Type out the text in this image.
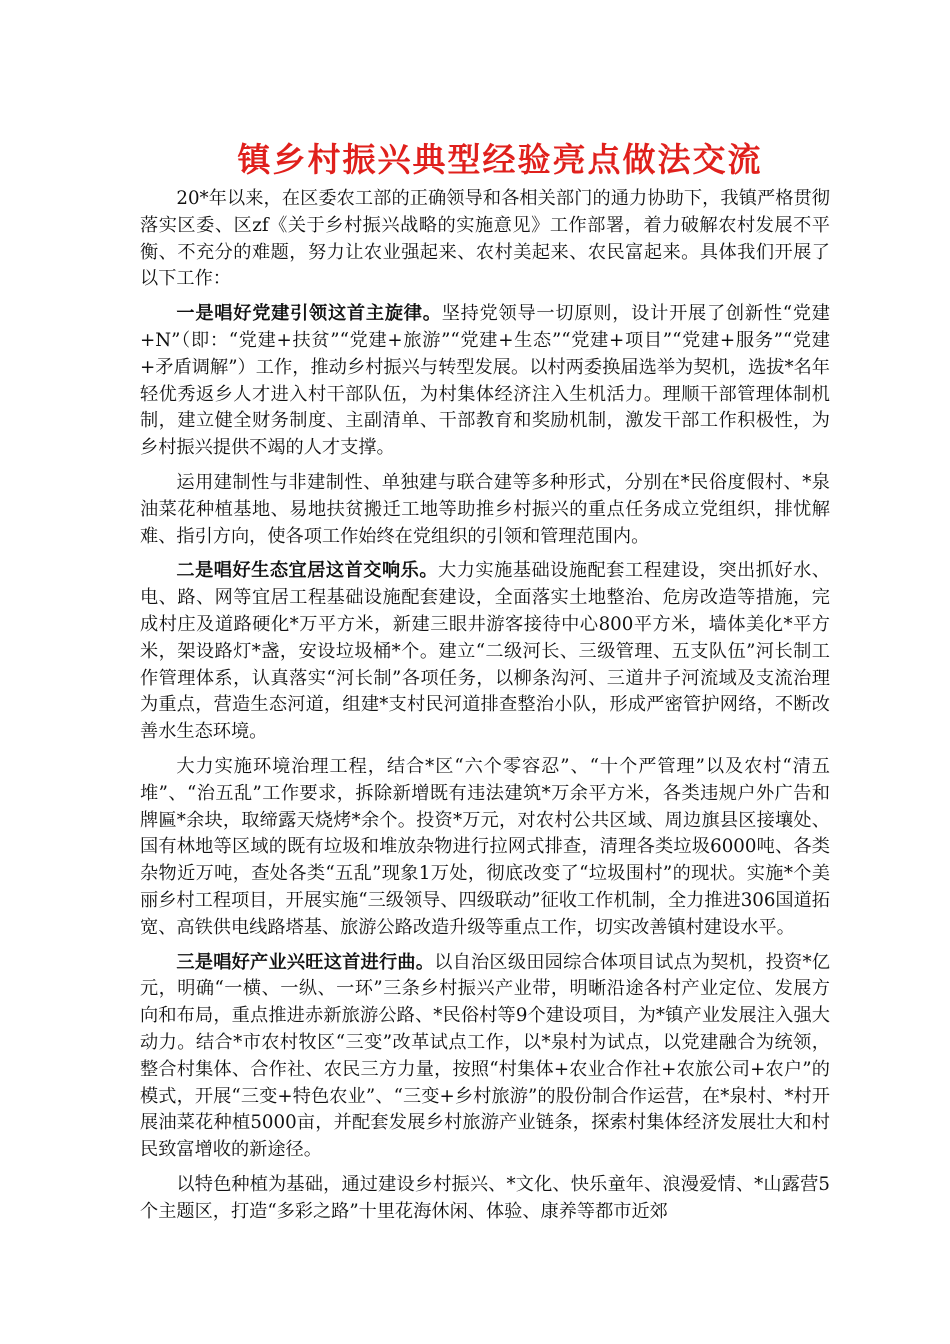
镇乡村振兴典型经验亮点做法交流

20*年以来，在区委农工部的正确领导和各相关部门的通力协助下，我镇严格贯彻落实区委、区zf《关于乡村振兴战略的实施意见》工作部署，着力破解农村发展不平衡、不充分的难题，努力让农业强起来、农村美起来、农民富起来。具体我们开展了以下工作：

一是唱好党建引领这首主旋律。坚持党领导一切原则，设计开展了创新性“党建+N”（即：“党建+扶贫”“党建+旅游”“党建+生态”“党建+项目”“党建+服务”“党建+矛盾调解”）工作，推动乡村振兴与转型发展。以村两委换届选举为契机，选拔*名年轻优秀返乡人才进入村干部队伍，为村集体经济注入生机活力。理顺干部管理体制机制，建立健全财务制度、主副清单、干部教育和奖励机制，激发干部工作积极性，为乡村振兴提供不竭的人才支撑。

运用建制性与非建制性、单独建与联合建等多种形式，分别在*民俗度假村、*泉油菜花种植基地、易地扶贫搬迁工地等助推乡村振兴的重点任务成立党组织，排忧解难、指引方向，使各项工作始终在党组织的引领和管理范围内。

二是唱好生态宜居这首交响乐。大力实施基础设施配套工程建设，突出抓好水、电、路、网等宜居工程基础设施配套建设，全面落实土地整治、危房改造等措施，完成村庄及道路硬化*万平方米，新建三眼井游客接待中心800平方米，墙体美化*平方米，架设路灯*盏，安设垃圾桶*个。建立“二级河长、三级管理、五支队伍”河长制工作管理体系，认真落实“河长制”各项任务，以柳条沟河、三道井子河流域及支流治理为重点，营造生态河道，组建*支村民河道排查整治小队，形成严密管护网络，不断改善水生态环境。

大力实施环境治理工程，结合*区“六个零容忍”、“十个严管理”以及农村“清五堆”、“治五乱”工作要求，拆除新增既有违法建筑*万余平方米，各类违规户外广告和牌匾*余块，取缔露天烧烤*余个。投资*万元，对农村公共区域、周边旗县区接壤处、国有林地等区域的既有垃圾和堆放杂物进行拉网式排查，清理各类垃圾6000吨、各类杂物近万吨，查处各类“五乱”现象1万处，彻底改变了“垃圾围村”的现状。实施*个美丽乡村工程项目，开展实施“三级领导、四级联动”征收工作机制，全力推进306国道拓宽、高铁供电线路塔基、旅游公路改造升级等重点工作，切实改善镇村建设水平。

三是唱好产业兴旺这首进行曲。以自治区级田园综合体项目试点为契机，投资*亿元，明确“一横、一纵、一环”三条乡村振兴产业带，明晰沿途各村产业定位、发展方向和布局，重点推进赤新旅游公路、*民俗村等9个建设项目，为*镇产业发展注入强大动力。结合*市农村牧区“三变”改革试点工作，以*泉村为试点，以党建融合为统领，整合村集体、合作社、农民三方力量，按照“村集体+农业合作社+农旅公司+农户”的模式，开展“三变+特色农业”、“三变+乡村旅游”的股份制合作运营，在*泉村、*村开展油菜花种植5000亩，并配套发展乡村旅游产业链条，探索村集体经济发展壮大和村民致富增收的新途径。

以特色种植为基础，通过建设乡村振兴、*文化、快乐童年、浪漫爱情、*山露营5个主题区，打造“多彩之路”十里花海休闲、体验、康养等都市近郊
